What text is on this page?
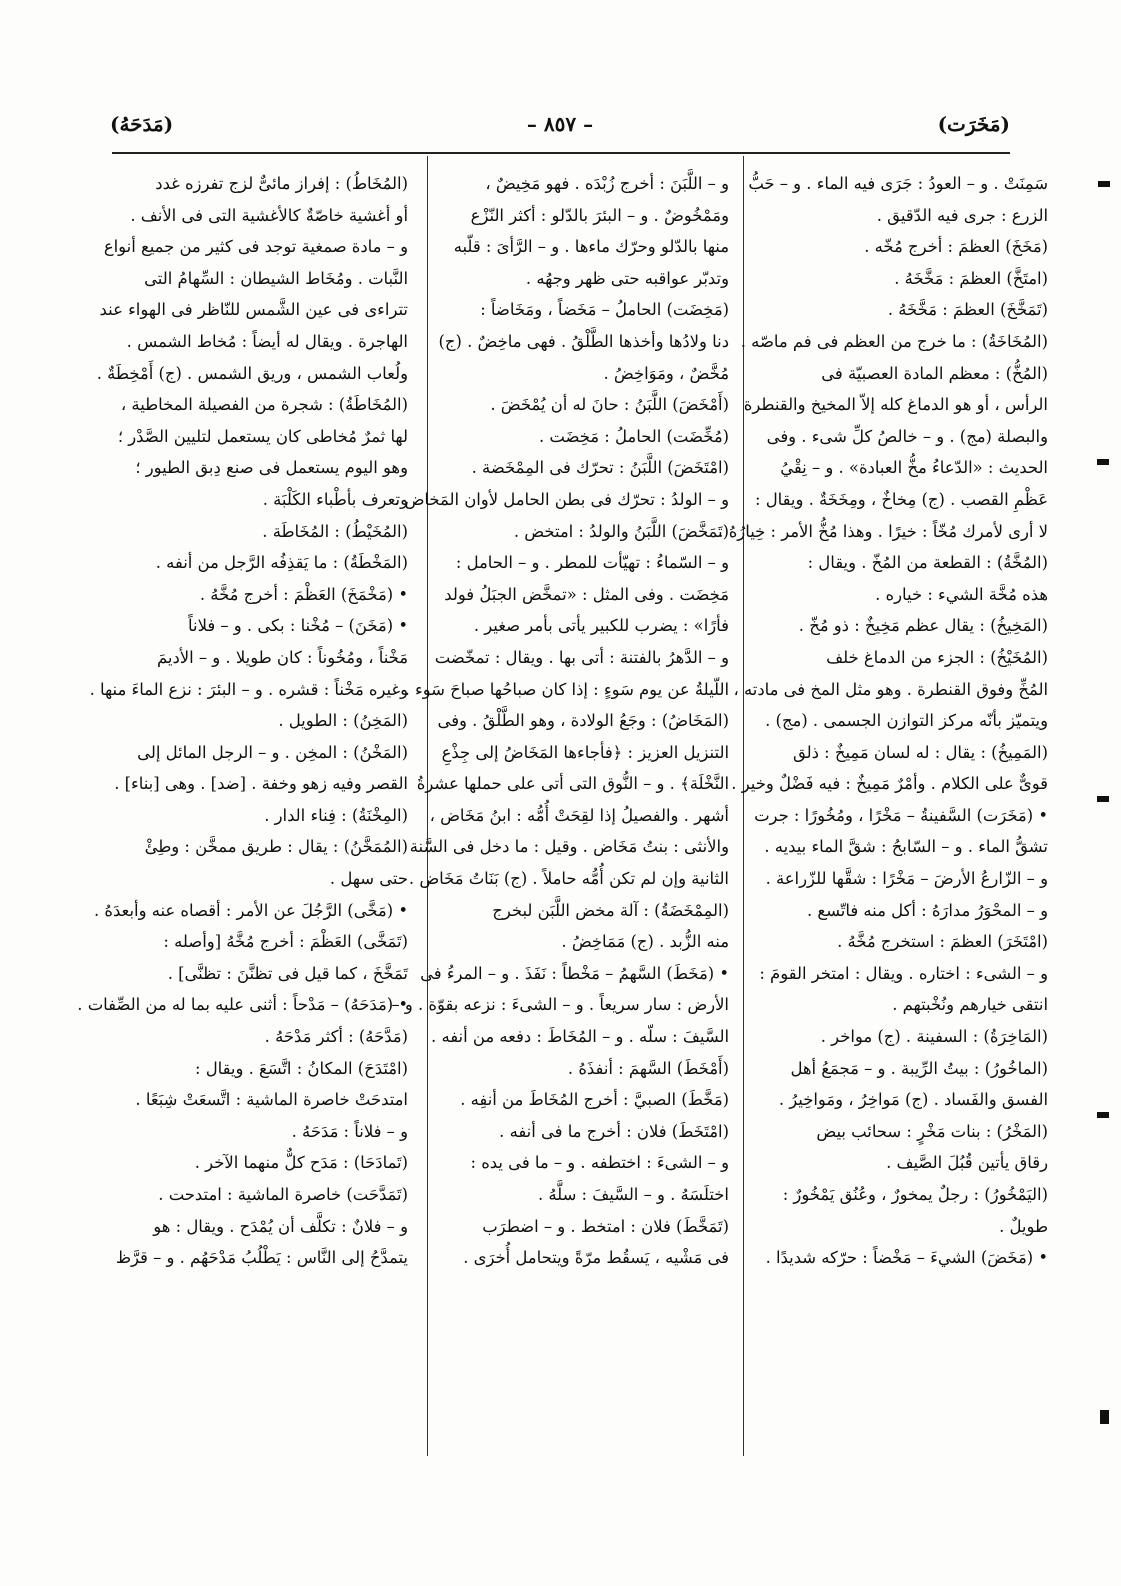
(مَخَرَت)
– ٨٥٧ –
(مَدَحَهُ)
سَمِنَتْ . و – العودُ : جَرَى فيه الماء . و – حَبُّ
الزرع : جرى فيه الدّقيق .
(مَخَخَ) العظمَ : أخرج مُخّه .
(امتَخَّ) العظمَ : مَخَّخَهُ .
(تَمَخَّخَ) العظمَ : مَخَّخَهُ .
(المُخَاخَةُ) : ما خرج من العظم فى فم ماصّه .
(المُخُّ) : معظم المادة العصبيّة فى
الرأس ، أو هو الدماغ كله إلاّ المخيخ والقنطرة
والبصلة (مج) . و – خالصُ كلِّ شىء . وفى
الحديث : «الدّعاءُ مخُّ العبادة» . و – نِقْيُ
عَظْمِ القصب . (ج) مِخاخٌ ، ومِخَخَةٌ . ويقال :
لا أرى لأمرك مُخّاً : خيرًا . وهذا مُخُّ الأمر : خِيارُهُ .
(المُخَّةُ) : القطعة من المُخّ . ويقال :
هذه مُخَّة الشيء : خياره .
(المَخِيخُ) : يقال عظم مَخِيخٌ : ذو مُخّ .
(المُخَيْخُ) : الجزء من الدماغ خلف
المُخِّ وفوق القنطرة . وهو مثل المخ فى مادته ،
ويتميّز بأنّه مركز التوازن الجسمى . (مج) .
(المَمِيخُ) : يقال : له لسان مَمِيخٌ : ذلق
قوىٌّ على الكلام . وأمْرٌ مَمِيخٌ : فيه فَضْلٌ وخير .
• (مَخَرَت) السَّفينةُ – مَخْرًا ، ومُخُورًا : جرت
تشقُّ الماء . و – السّابحُ : شقَّ الماء بيديه .
و – الزّارعُ الأرضَ – مَخْرًا : شقَّها للزّراعة .
و – المحْوَرُ مدارَهُ : أكل منه فاتّسع .
(امْتَخَرَ) العظمَ : استخرج مُخَّهُ .
و – الشىء : اختاره . ويقال : امتخر القومَ :
انتقى خيارهم ونُخْبتهم .
(المَاخِرَةُ) : السفينة . (ج) مواخر .
(الماخُورُ) : بيتُ الرِّيبة . و – مَجمَعُ أهل
الفسق والفَساد . (ج) مَواخِرُ ، ومَواخِيرُ .
(المَخْرُ) : بنات مَخْرٍ : سحائب بيض
رقاق يأتين قُبُلَ الصَّيف .
(اليَمْخُورُ) : رجلٌ يمخورٌ ، وعُنُق يَمْخُورٌ :
طويلٌ .
• (مَخَضَ) الشيءَ – مَخْضاً : حرّكه شديدًا .
و – اللَّبَنَ : أخرج زُبْدَه . فهو مَخِيضٌ ،
ومَمْخُوضٌ . و – البئرَ بالدّلو : أكثر النّزْع
منها بالدّلو وحرّك ماءها . و – الرَّأىَ : قلّبه
وتدبّر عواقبه حتى ظهر وجهُه .
(مَخِضَت) الحاملُ – مَخَضاً ، ومَخَاضاً :
دنا ولادُها وأخذها الطَّلْقُ . فهى ماخِضٌ . (ج)
مُخَّضٌ ، ومَوَاخِضُ .
(أَمْخَضَ) اللَّبَنُ : حانَ له أن يُمْخَضَ .
(مُخِّضَت) الحاملُ : مَخِضَت .
(امْتَخَضَ) اللَّبَنُ : تحرّك فى المِمْخَضة .
و – الولدُ : تحرّك فى بطن الحامل لأوان المَخاض .
(تَمَخَّضَ) اللَّبَنُ والولدُ : امتخض .
و – السّماءُ : تهيّأت للمطر . و – الحامل :
مَخِضَت . وفى المثل : «تمخَّض الجبَلُ فولد
فأرًا» : يضرب للكبير يأتى بأمر صغير .
و – الدَّهرُ بالفتنة : أتى بها . ويقال : تمخّضت
اللّيلةُ عن يوم سَوءٍ : إذا كان صباحُها صباحَ سَوء .
(المَخَاضُ) : وجَعُ الولادة ، وهو الطَّلْقُ . وفى
التنزيل العزيز : ﴿فأجاءها المَخَاضُ إلى جِذْعِ
النَّخْلَة﴾ . و – النُّوق التى أتى على حملها عشرةُ
أشهر . والفصيلُ إذا لقِحَتْ أُمُّه : ابنُ مَخَاض ،
والأنثى : بنتُ مَخَاض . وقيل : ما دخل فى السَّنة
الثانية وإن لم تكن أُمُّه حاملاً . (ج) بَنَاتُ مَخَاض .
(المِمْخَضَةُ) : آلة مخض اللَّبَن لبخرج
منه الزُّبد . (ج) مَمَاخِضُ .
• (مَخَطَ) السَّهمُ – مَخْطاً : نَفَذَ . و – المرءُ فى
الأرض : سار سريعاً . و – الشىءَ : نزعه بقوّة . و –
السَّيفَ : سلّه . و – المُخَاطَ : دفعه من أنفه .
(أَمْخَطَ) السَّهمَ : أنفذَهُ .
(مَخَّطَ) الصبيَّ : أخرج المُخَاطَ من أنفِه .
(امْتَخَطَ) فلان : أخرج ما فى أنفه .
و – الشىءَ : اختطفه . و – ما فى يده :
اختلَسَهُ . و – السَّيفَ : سلَّهُ .
(تَمَخَّطَ) فلان : امتخط . و – اضطرَب
فى مَشْيه ، يَسقُط مرّةً ويتحامل أُخرَى .
(المُخَاطُ) : إفراز مائىٌّ لزج تفرزه غدد
أو أغشية خاصّةٌ كالأغشية التى فى الأنف .
و – مادة صمغية توجد فى كثير من جميع أنواع
النَّبات . ومُخَاط الشيطان : السِّهامُ التى
تتراءى فى عين الشَّمس للنّاظر فى الهواء عند
الهاجرة . ويقال له أيضاً : مُخاط الشمس .
ولُعاب الشمس ، وريق الشمس . (ج) أَمْخِطَةٌ .
(المُخَاطَةُ) : شجرة من الفصيلة المخاطية ،
لها ثمرٌ مُخاطى كان يستعمل لتليين الصَّدْر ؛
وهو اليوم يستعمل فى صنع دِبق الطيور ؛
وتعرف بأطْباء الكَلْبَة .
(المُخَيْطُ) : المُخَاطَة .
(المَخْطَةُ) : ما يَقذِفُه الرَّجل من أنفه .
• (مَخْمَخَ) العَظْمَ : أخرج مُخَّهُ .
• (مَخَنَ) – مُخْنا : بكى . و – فلاناً
مَخْناً ، ومُخُوناً : كان طويلا . و – الأديمَ
وغيره مَخْناً : قشره . و – البئرَ : نزع الماءَ منها .
(المَخِنُ) : الطويل .
(المَخْنُ) : المخِن . و – الرجل المائل إلى
القصر وفيه زهو وخفة . [ضد] . وهى [بناء] .
(المِخْنَةُ) : فِناء الدار .
(المُمَخَّنُ) : يقال : طريق ممخَّن : وطِئْ
حتى سهل .
• (مَخَّى) الرَّجُلَ عن الأمر : أقصاه عنه وأبعدَهُ .
(تَمَخَّى) العَظْمَ : أخرج مُخَّهُ [وأصله :
تَمَخَّخَ ، كما قيل فى تظنَّنَ : تظنَّى] .
• (مَدَحَهُ) – مَدْحاً : أثنى عليه بما له من الصِّفات .
(مَدَّحَهُ) : أكثر مَدْحَهُ .
(امْتَدَحَ) المكانُ : اتَّسَعَ . ويقال :
امتدحَتْ خاصرة الماشية : اتَّسعَتْ شِبَعًا .
و – فلاناً : مَدَحَهُ .
(تَمادَحَا) : مَدَح كلٌّ منهما الآخر .
(تَمَدَّحَت) خاصرة الماشية : امتدحت .
و – فلانٌ : تكلَّف أن يُمْدَح . ويقال : هو
يتمدَّحُ إلى النَّاس : يَطْلُبُ مَدْحَهُم . و – قرَّظ
